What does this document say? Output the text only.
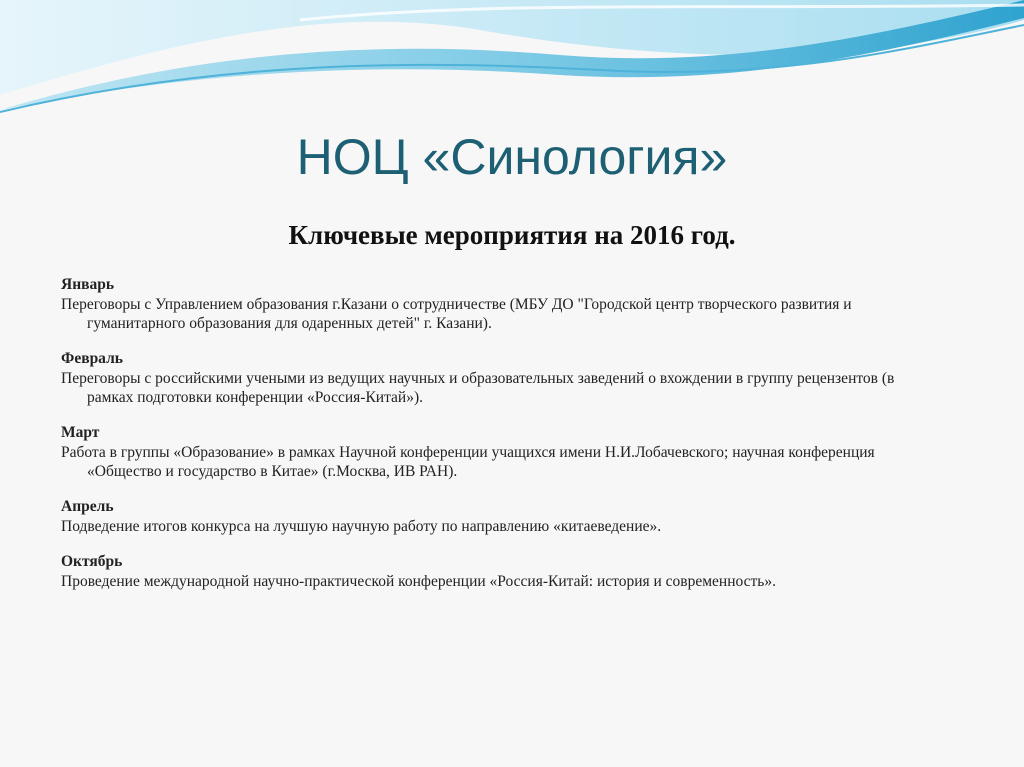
НОЦ «Синология»
Ключевые мероприятия на 2016 год.
Январь
Переговоры с Управлением образования г.Казани о сотрудничестве (МБУ ДО "Городской центр творческого развития и гуманитарного образования для одаренных детей" г. Казани).
Февраль
Переговоры с российскими учеными из ведущих научных и образовательных заведений о вхождении в группу рецензентов (в рамках подготовки конференции «Россия-Китай»).
Март
Работа в группы «Образование» в рамках Научной конференции учащихся имени Н.И.Лобачевского; научная конференция «Общество и государство в Китае» (г.Москва, ИВ РАН).
Апрель
Подведение итогов конкурса на лучшую научную работу по направлению «китаеведение».
Октябрь
Проведение международной научно-практической конференции «Россия-Китай: история и современность».
